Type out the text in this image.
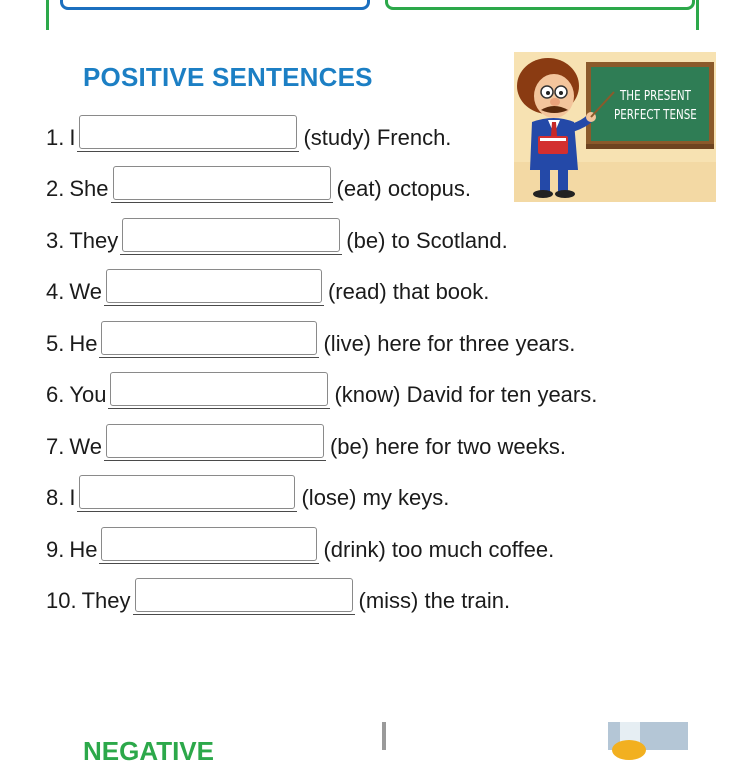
POSITIVE SENTENCES
1. I	(study) French.
2. She	(eat) octopus.
3. They	(be) to Scotland.
4. We	(read) that book.
5. He	(live) here for three years.
6. You	(know) David for ten years.
7. We	(be) here for two weeks.
8. I	(lose) my keys.
9. He	(drink) too much coffee.
10. They	(miss) the train.
THE PRESENT
PERFECT TENSE
NEGATIVE
